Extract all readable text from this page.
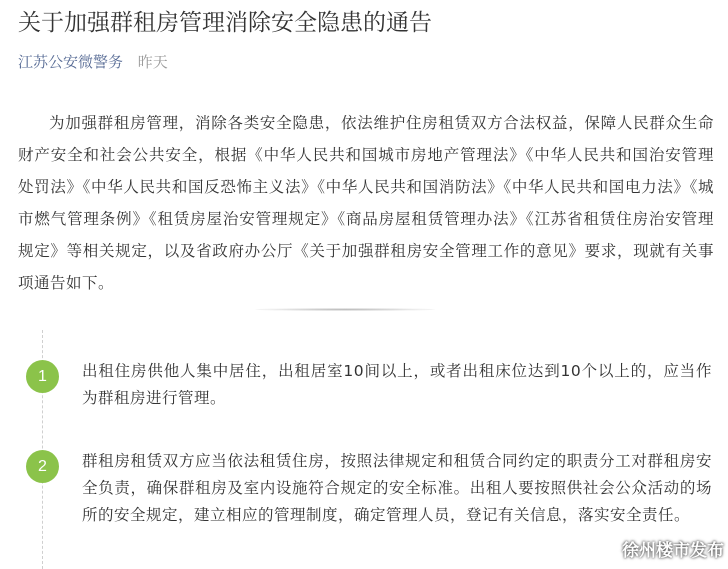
关于加强群租房管理消除安全隐患的通告
江苏公安微警务 昨天

为加强群租房管理，消除各类安全隐患，依法维护住房租赁双方合法权益，保障人民群众生命财产安全和社会公共安全，根据《中华人民共和国城市房地产管理法》《中华人民共和国治安管理处罚法》《中华人民共和国反恐怖主义法》《中华人民共和国消防法》《中华人民共和国电力法》《城市燃气管理条例》《租赁房屋治安管理规定》《商品房屋租赁管理办法》《江苏省租赁住房治安管理规定》等相关规定，以及省政府办公厅《关于加强群租房安全管理工作的意见》要求，现就有关事项通告如下。

1	出租住房供他人集中居住，出租居室10间以上，或者出租床位达到10个以上的，应当作为群租房进行管理。
2	群租房租赁双方应当依法租赁住房，按照法律规定和租赁合同约定的职责分工对群租房安全负责，确保群租房及室内设施符合规定的安全标准。出租人要按照供社会公众活动的场所的安全规定，建立相应的管理制度，确定管理人员，登记有关信息，落实安全责任。
徐州楼市发布
